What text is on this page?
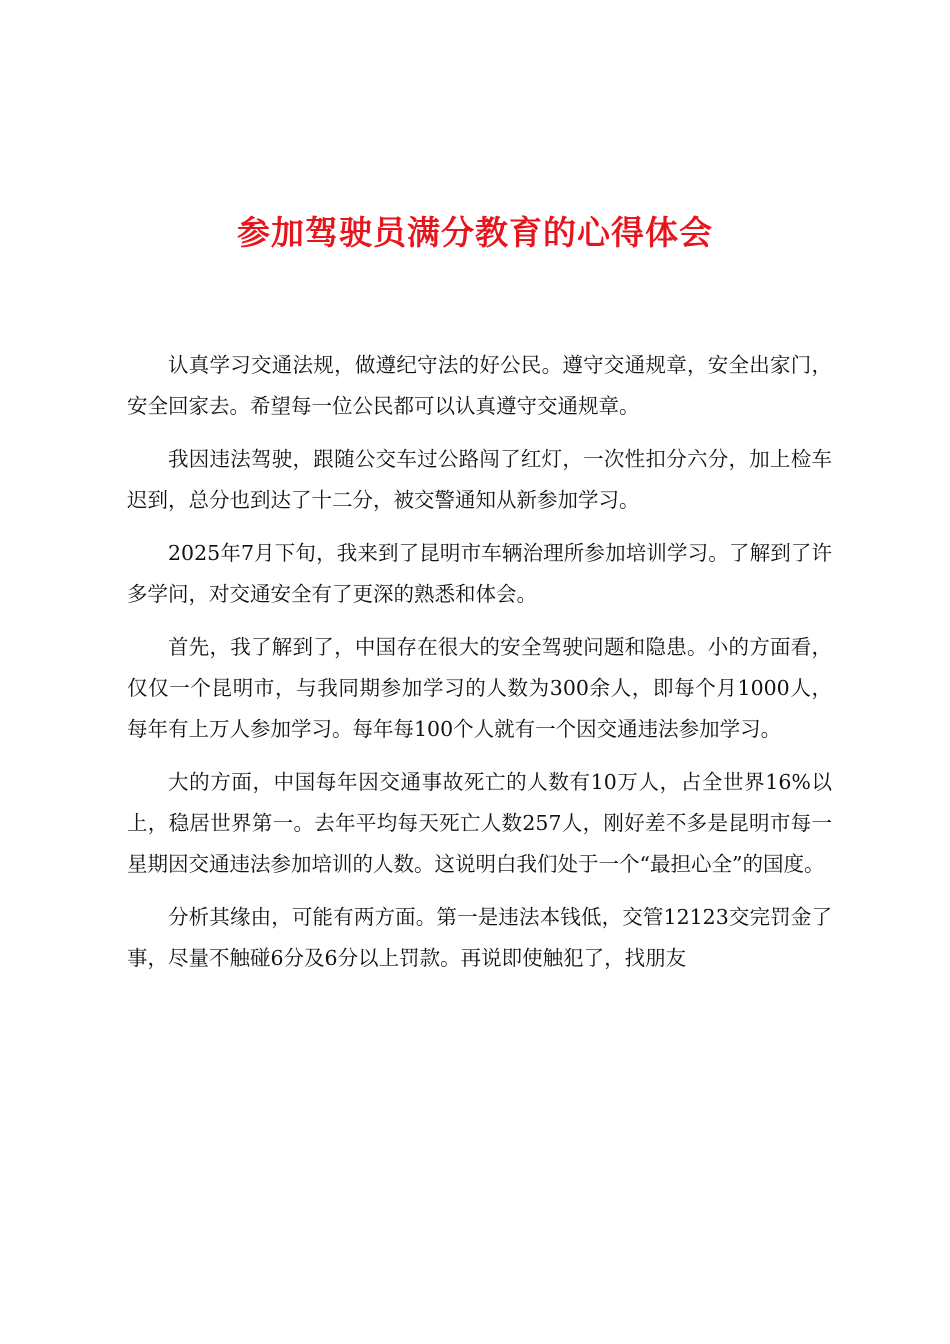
参加驾驶员满分教育的心得体会

认真学习交通法规，做遵纪守法的好公民。遵守交通规章，安全出家门，安全回家去。希望每一位公民都可以认真遵守交通规章。

我因违法驾驶，跟随公交车过公路闯了红灯，一次性扣分六分，加上检车迟到，总分也到达了十二分，被交警通知从新参加学习。

2025年7月下旬，我来到了昆明市车辆治理所参加培训学习。了解到了许多学问，对交通安全有了更深的熟悉和体会。

首先，我了解到了，中国存在很大的安全驾驶问题和隐患。小的方面看，仅仅一个昆明市，与我同期参加学习的人数为300余人，即每个月1000人，每年有上万人参加学习。每年每100个人就有一个因交通违法参加学习。

大的方面，中国每年因交通事故死亡的人数有10万人，占全世界16%以上，稳居世界第一。去年平均每天死亡人数257人，刚好差不多是昆明市每一星期因交通违法参加培训的人数。这说明白我们处于一个“最担心全”的国度。

分析其缘由，可能有两方面。第一是违法本钱低，交管12123交完罚金了事，尽量不触碰6分及6分以上罚款。再说即使触犯了，找朋友
